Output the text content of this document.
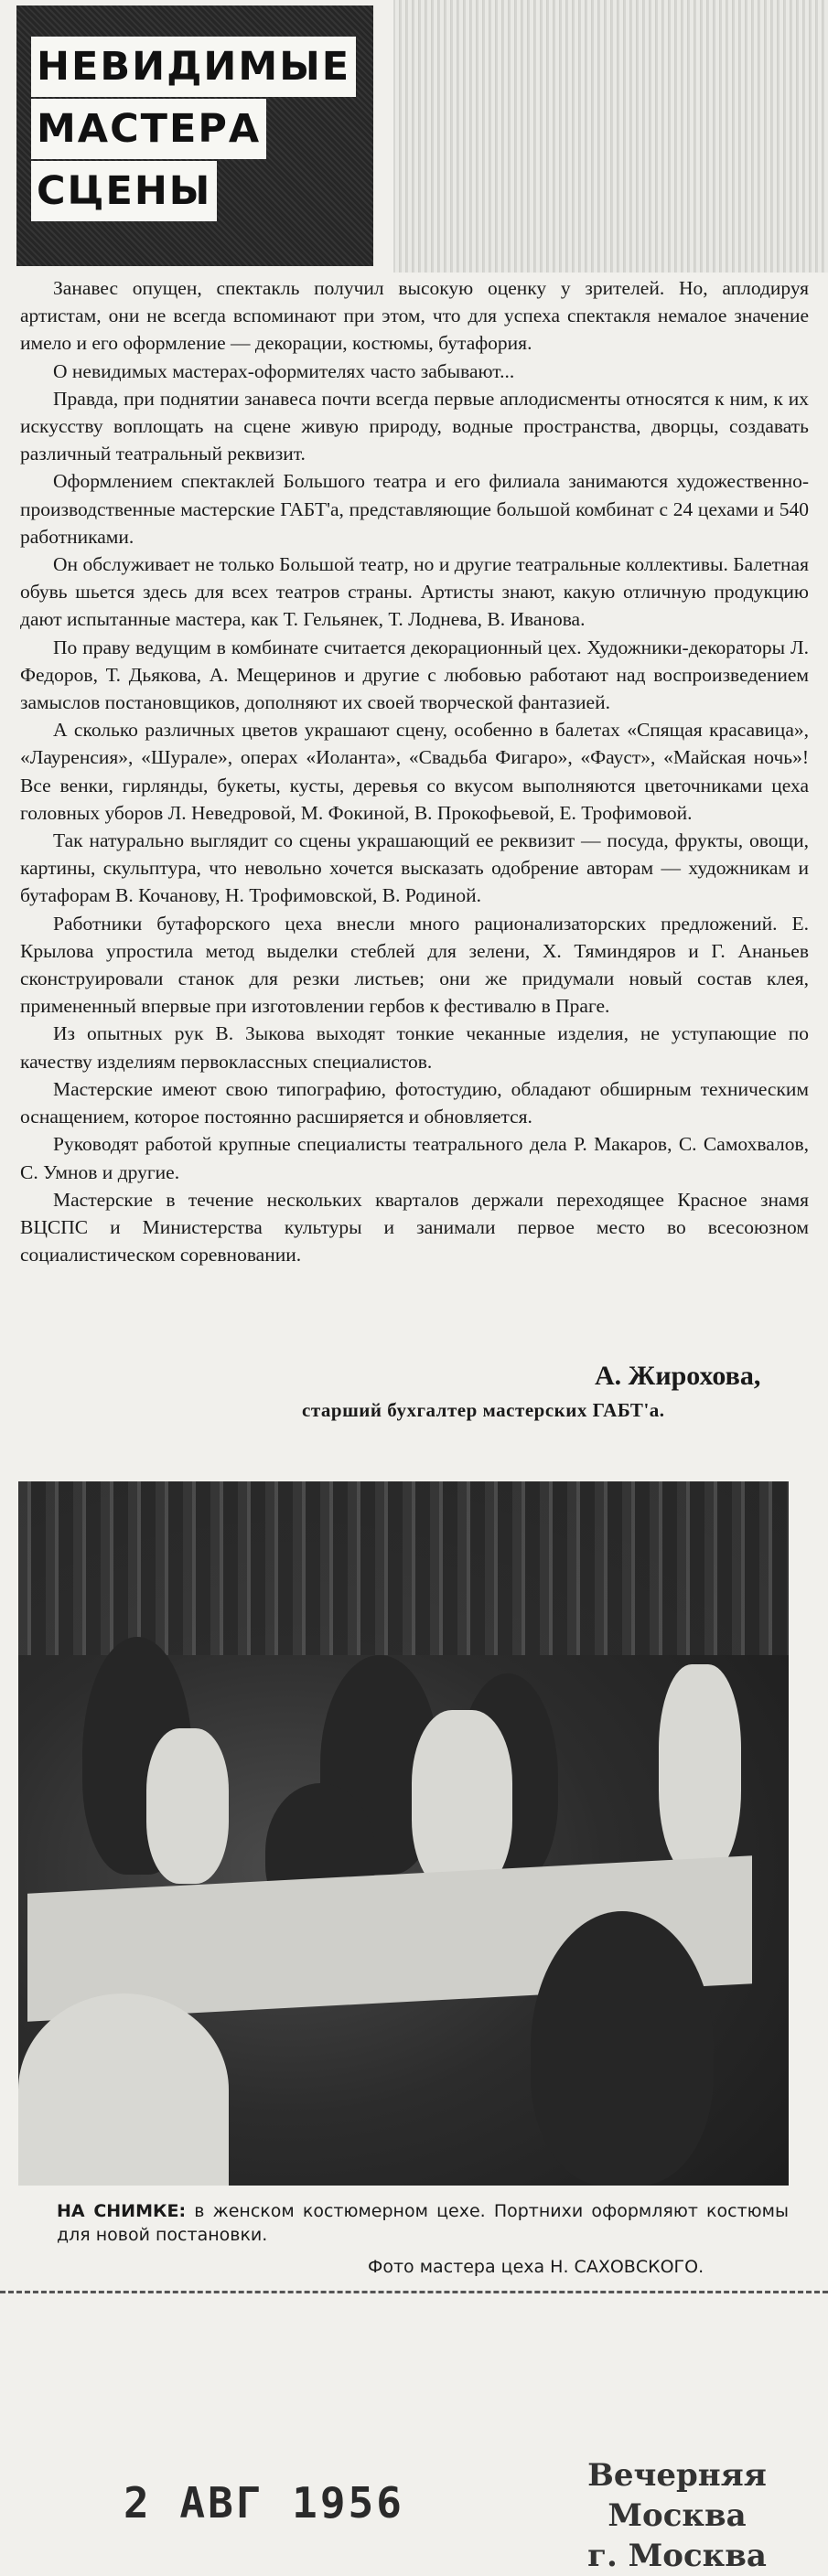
НЕВИДИМЫЕ
МАСТЕРА
СЦЕНЫ

Занавес опущен, спектакль получил высокую оценку у зрителей. Но, аплодируя артистам, они не всегда вспоминают при этом, что для успеха спектакля немалое значение имело и его оформление — декорации, костюмы, бутафория.

О невидимых мастерах-оформителях часто забывают...

Правда, при поднятии занавеса почти всегда первые аплодисменты относятся к ним, к их искусству воплощать на сцене живую природу, водные пространства, дворцы, создавать различный театральный реквизит.

Оформлением спектаклей Большого театра и его филиала занимаются художественно-производственные мастерские ГАБТ'а, представляющие большой комбинат с 24 цехами и 540 работниками.

Он обслуживает не только Большой театр, но и другие театральные коллективы. Балетная обувь шьется здесь для всех театров страны. Артисты знают, какую отличную продукцию дают испытанные мастера, как Т. Гельянек, Т. Лоднева, В. Иванова.

По праву ведущим в комбинате считается декорационный цех. Художники-декораторы Л. Федоров, Т. Дьякова, А. Мещеринов и другие с любовью работают над воспроизведением замыслов постановщиков, дополняют их своей творческой фантазией.

А сколько различных цветов украшают сцену, особенно в балетах «Спящая красавица», «Лауренсия», «Шурале», операх «Иоланта», «Свадьба Фигаро», «Фауст», «Майская ночь»! Все венки, гирлянды, букеты, кусты, деревья со вкусом выполняются цветочниками цеха головных уборов Л. Неведровой, М. Фокиной, В. Прокофьевой, Е. Трофимовой.

Так натурально выглядит со сцены украшающий ее реквизит — посуда, фрукты, овощи, картины, скульптура, что невольно хочется высказать одобрение авторам — художникам и бутафорам В. Кочанову, Н. Трофимовской, В. Родиной.

Работники бутафорского цеха внесли много рационализаторских предложений. Е. Крылова упростила метод выделки стеблей для зелени, Х. Тяминдяров и Г. Ананьев сконструировали станок для резки листьев; они же придумали новый состав клея, примененный впервые при изготовлении гербов к фестивалю в Праге.

Из опытных рук В. Зыкова выходят тонкие чеканные изделия, не уступающие по качеству изделиям первоклассных специалистов.

Мастерские имеют свою типографию, фотостудию, обладают обширным техническим оснащением, которое постоянно расширяется и обновляется.

Руководят работой крупные специалисты театрального дела Р. Макаров, С. Самохвалов, С. Умнов и другие.

Мастерские в течение нескольких кварталов держали переходящее Красное знамя ВЦСПС и Министерства культуры и занимали первое место во всесоюзном социалистическом соревновании.

А. Жирохова,
старший бухгалтер мастерских ГАБТ'а.
НА СНИМКЕ: в женском костюмерном цехе. Портнихи оформляют костюмы для новой постановки.
Фото мастера цеха Н. САХОВСКОГО.
2 АВГ 1956
Вечерняя Москва
г. Москва
